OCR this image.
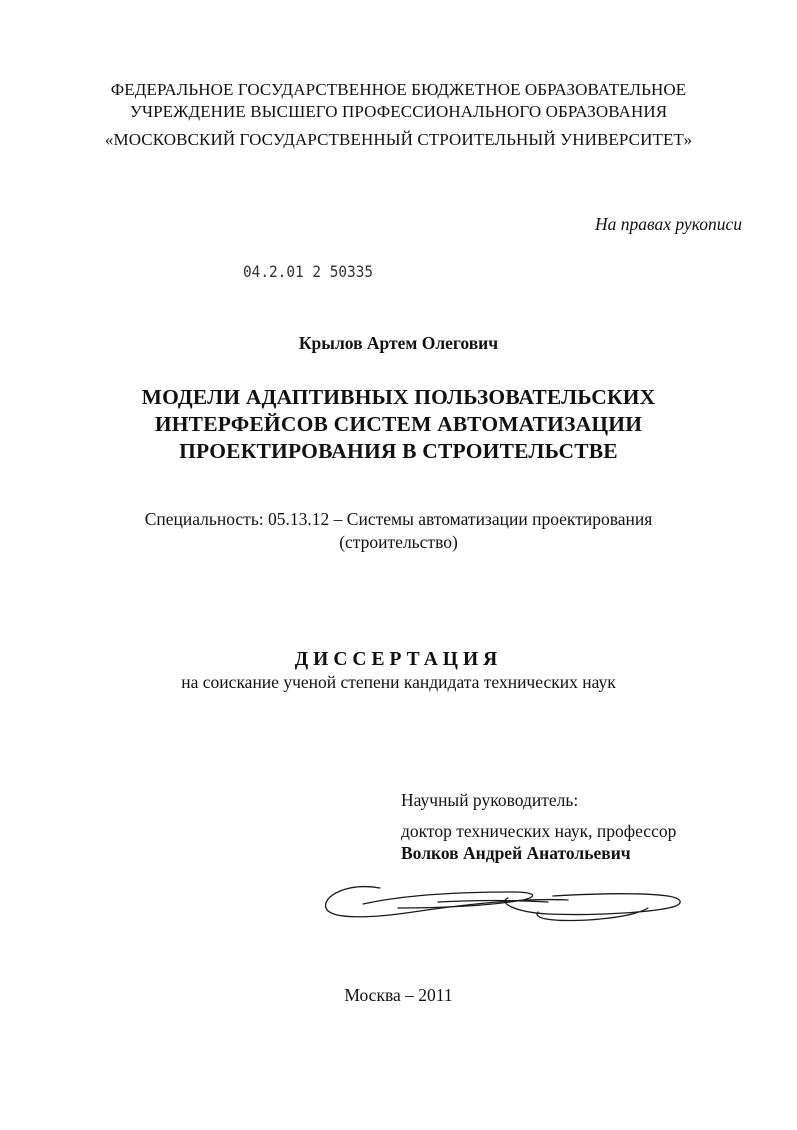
ФЕДЕРАЛЬНОЕ ГОСУДАРСТВЕННОЕ БЮДЖЕТНОЕ ОБРАЗОВАТЕЛЬНОЕ
УЧРЕЖДЕНИЕ ВЫСШЕГО ПРОФЕССИОНАЛЬНОГО ОБРАЗОВАНИЯ
«МОСКОВСКИЙ ГОСУДАРСТВЕННЫЙ СТРОИТЕЛЬНЫЙ УНИВЕРСИТЕТ»
На правах рукописи
04.2.01 2 50335
Крылов Артем Олегович
МОДЕЛИ АДАПТИВНЫХ ПОЛЬЗОВАТЕЛЬСКИХ
ИНТЕРФЕЙСОВ СИСТЕМ АВТОМАТИЗАЦИИ
ПРОЕКТИРОВАНИЯ В СТРОИТЕЛЬСТВЕ
Специальность: 05.13.12 – Системы автоматизации проектирования
(строительство)
ДИССЕРТАЦИЯ
на соискание ученой степени кандидата технических наук
Научный руководитель:
доктор технических наук, профессор
Волков Андрей Анатольевич
Москва – 2011
